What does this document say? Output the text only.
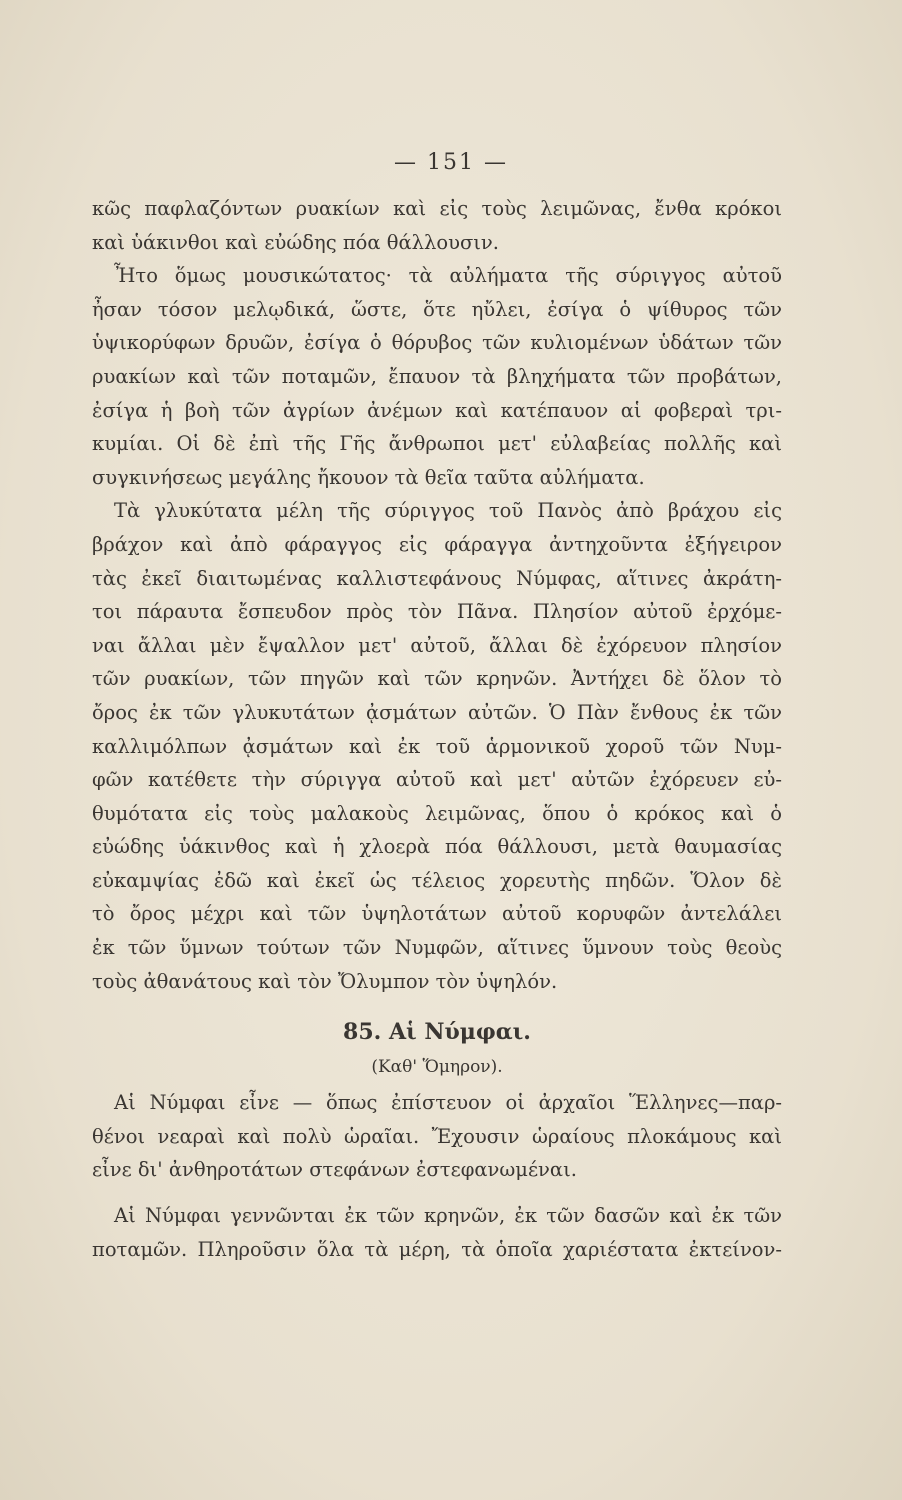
— 151 —
κῶς παφλαζόντων ρυακίων καὶ εἰς τοὺς λειμῶνας, ἔνθα κρόκοι
καὶ ὑάκινθοι καὶ εὐώδης πόα θάλλουσιν.
Ἦτο ὅμως μουσικώτατος· τὰ αὐλήματα τῆς σύριγγος αὐτοῦ
ἦσαν τόσον μελῳδικά, ὥστε, ὅτε ηὔλει, ἐσίγα ὁ ψίθυρος τῶν
ὑψικορύφων δρυῶν, ἐσίγα ὁ θόρυβος τῶν κυλιομένων ὑδάτων τῶν
ρυακίων καὶ τῶν ποταμῶν, ἔπαυον τὰ βληχήματα τῶν προβάτων,
ἐσίγα ἡ βοὴ τῶν ἀγρίων ἀνέμων καὶ κατέπαυον αἱ φοβεραὶ τρι-
κυμίαι. Οἱ δὲ ἐπὶ τῆς Γῆς ἄνθρωποι μετ' εὐλαβείας πολλῆς καὶ
συγκινήσεως μεγάλης ἤκουον τὰ θεῖα ταῦτα αὐλήματα.
Τὰ γλυκύτατα μέλη τῆς σύριγγος τοῦ Πανὸς ἀπὸ βράχου εἰς
βράχον καὶ ἀπὸ φάραγγος εἰς φάραγγα ἀντηχοῦντα ἐξήγειρον
τὰς ἐκεῖ διαιτωμένας καλλιστεφάνους Νύμφας, αἵτινες ἀκράτη-
τοι πάραυτα ἔσπευδον πρὸς τὸν Πᾶνα. Πλησίον αὐτοῦ ἐρχόμε-
ναι ἄλλαι μὲν ἔψαλλον μετ' αὐτοῦ, ἄλλαι δὲ ἐχόρευον πλησίον
τῶν ρυακίων, τῶν πηγῶν καὶ τῶν κρηνῶν. Ἀντήχει δὲ ὅλον τὸ
ὄρος ἐκ τῶν γλυκυτάτων ᾀσμάτων αὐτῶν. Ὁ Πὰν ἔνθους ἐκ τῶν
καλλιμόλπων ᾀσμάτων καὶ ἐκ τοῦ ἁρμονικοῦ χοροῦ τῶν Νυμ-
φῶν κατέθετε τὴν σύριγγα αὐτοῦ καὶ μετ' αὐτῶν ἐχόρευεν εὐ-
θυμότατα εἰς τοὺς μαλακοὺς λειμῶνας, ὅπου ὁ κρόκος καὶ ὁ
εὐώδης ὑάκινθος καὶ ἡ χλοερὰ πόα θάλλουσι, μετὰ θαυμασίας
εὐκαμψίας ἐδῶ καὶ ἐκεῖ ὡς τέλειος χορευτὴς πηδῶν. Ὅλον δὲ
τὸ ὄρος μέχρι καὶ τῶν ὑψηλοτάτων αὐτοῦ κορυφῶν ἀντελάλει
ἐκ τῶν ὕμνων τούτων τῶν Νυμφῶν, αἵτινες ὕμνουν τοὺς θεοὺς
τοὺς ἀθανάτους καὶ τὸν Ὄλυμπον τὸν ὑψηλόν.
85. Αἱ Νύμφαι.
(Καθ' Ὅμηρον).
Αἱ Νύμφαι εἶνε — ὅπως ἐπίστευον οἱ ἀρχαῖοι Ἕλληνες—παρ-
θένοι νεαραὶ καὶ πολὺ ὡραῖαι. Ἔχουσιν ὡραίους πλοκάμους καὶ
εἶνε δι' ἀνθηροτάτων στεφάνων ἐστεφανωμέναι.
Αἱ Νύμφαι γεννῶνται ἐκ τῶν κρηνῶν, ἐκ τῶν δασῶν καὶ ἐκ τῶν
ποταμῶν. Πληροῦσιν ὅλα τὰ μέρη, τὰ ὁποῖα χαριέστατα ἐκτείνον-
